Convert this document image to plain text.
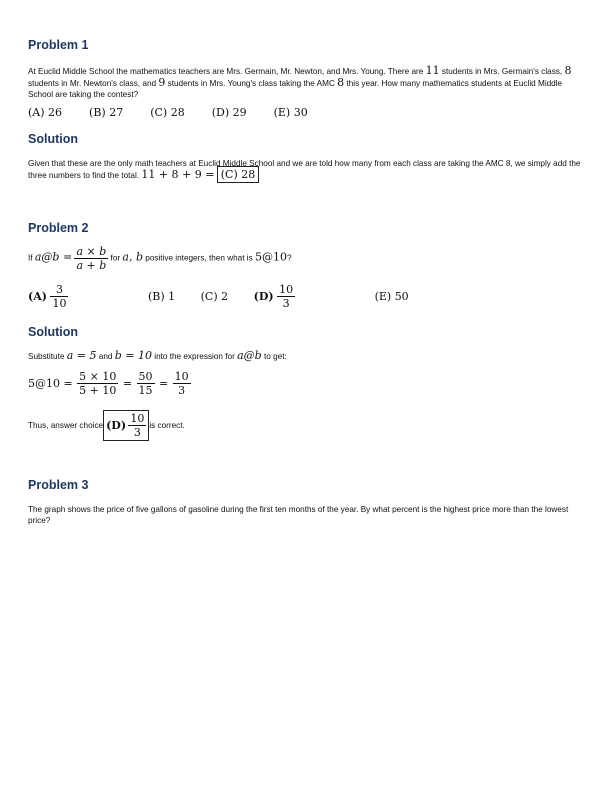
Problem 1
At Euclid Middle School the mathematics teachers are Mrs. Germain, Mr. Newton, and Mrs. Young. There are 11 students in Mrs. Germain's class, 8 students in Mr. Newton's class, and 9 students in Mrs. Young's class taking the AMC 8 this year. How many mathematics students at Euclid Middle School are taking the contest?
(A) 26 (B) 27 (C) 28 (D) 29 (E) 30
Solution
Given that these are the only math teachers at Euclid Middle School and we are told how many from each class are taking the AMC 8, we simply add the three numbers to find the total. 11 + 8 + 9 = (C) 28
Problem 2
If a@b = $\frac{a \times b}{a + b}$ for a, b positive integers, then what is 5@10?
$(A) \frac{3}{10}$	(B) 1 (C) 2 $(D) \frac{10}{3}$	(E) 50
Solution
Substitute a = 5 and b = 10 into the expression for a@b to get:
5@10 = $\frac{5 \times 10}{5 + 10} = \frac{50}{15} = \frac{10}{3}$
Thus, answer choice $(D) \frac{10}{3}$ is correct.
Problem 3
The graph shows the price of five gallons of gasoline during the first ten months of the year. By what percent is the highest price more than the lowest price?
